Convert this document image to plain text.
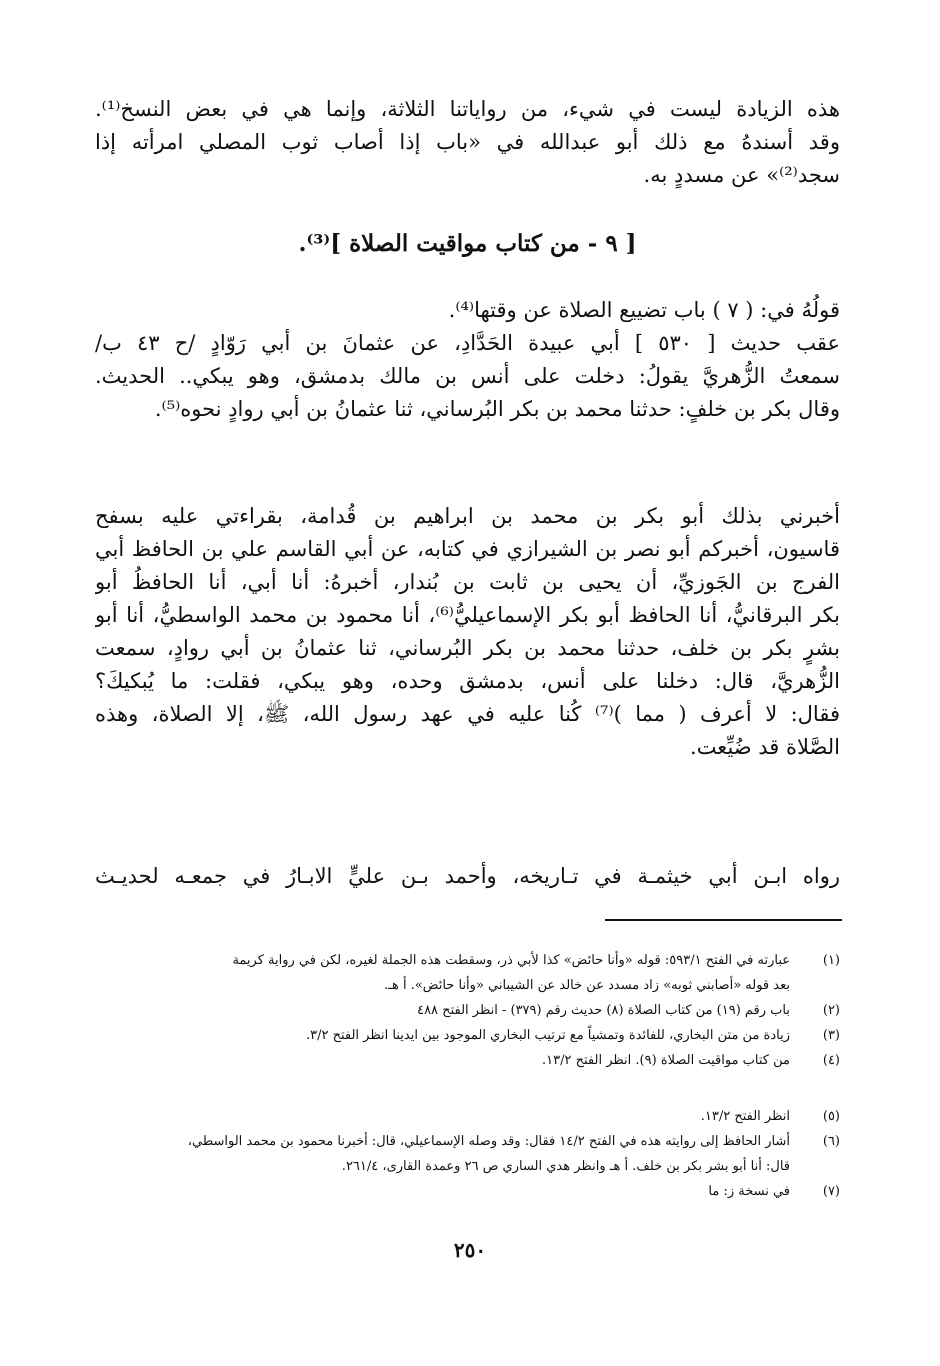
هذه الزيادة ليست في شيء، من رواياتنا الثلاثة، وإنما هي في بعض النسخ⁽¹⁾.
وقد أسندهُ مع ذلك أبو عبدالله في «باب إذا أصاب ثوب المصلي امرأته إذا
سجد⁽²⁾» عن مسددٍ به.
[ ٩ - من كتاب مواقيت الصلاة ]⁽³⁾.
قولُهُ في: ( ٧ ) باب تضييع الصلاة عن وقتها⁽⁴⁾.
عقب حديث [ ٥٣٠ ] أبي عبيدة الحَدَّادِ، عن عثمانَ بن أبي رَوّادٍ /ح ٤٣ ب/
سمعتُ الزُّهريَّ يقولُ: دخلت على أنس بن مالك بدمشق، وهو يبكي.. الحديث.
وقال بكر بن خلفٍ: حدثنا محمد بن بكر البُرساني، ثنا عثمانُ بن أبي روادٍ نحوه⁽⁵⁾.
أخبرني بذلك أبو بكر بن محمد بن ابراهيم بن قُدامة، بقراءتي عليه بسفح
قاسيون، أخبركم أبو نصر بن الشيرازي في كتابه، عن أبي القاسم علي بن الحافظ أبي
الفرج بن الجَوزيِّ، أن يحيى بن ثابت بن بُندار، أخبرهُ: أنا أبي، أنا الحافظُ أبو
بكر البرقانيُّ، أنا الحافظ أبو بكر الإسماعيليُّ⁽⁶⁾، أنا محمود بن محمد الواسطيُّ، أنا أبو
بشرٍ بكر بن خلف، حدثنا محمد بن بكر البُرساني، ثنا عثمانُ بن أبي روادٍ، سمعت
الزُّهريَّ، قال: دخلنا على أنس، بدمشق وحده، وهو يبكي، فقلت: ما يُبكيكَ؟
فقال: لا أعرف ( مما )⁽⁷⁾ كُنا عليه في عهد رسول الله، ﷺ، إلا الصلاة، وهذه
الصَّلاة قد ضُيِّعت.
رواه ابـن أبي خيثمـة في تـاريخه، وأحمد بـن عليٍّ الابـارُ في جمعـه لحديـث
(١)
عبارته في الفتح ٥٩٣/١: قوله «وأنا حائض» كذا لأبي ذر، وسقطت هذه الجملة لغيره، لكن في رواية كريمة
بعد قوله «أصابني ثوبه» زاد مسدد عن خالد عن الشيباني «وأنا حائض». أ هـ.
(٢)
باب رقم (١٩) من كتاب الصلاة (٨) حديث رقم (٣٧٩) - انظر الفتح ٤٨٨
(٣)
زيادة من متن البخاري، للفائدة وتمشياً مع ترتيب البخاري الموجود بين ايدينا انظر الفتح ٣/٢.
(٤)
من كتاب مواقيت الصلاة (٩). انظر الفتح ١٣/٢.
(٥)
انظر الفتح ١٣/٢.
(٦)
أشار الحافظ إلى روايته هذه في الفتح ١٤/٢ فقال: وقد وصله الإسماعيلي، قال: أخبرنا محمود بن محمد الواسطي،
قال: أنا أبو بشر بكر بن خلف. أ هـ وانظر هدي الساري ص ٢٦ وعمدة القارى، ٢٦١/٤.
(٧)
في نسخة ز: ما
٢٥٠
